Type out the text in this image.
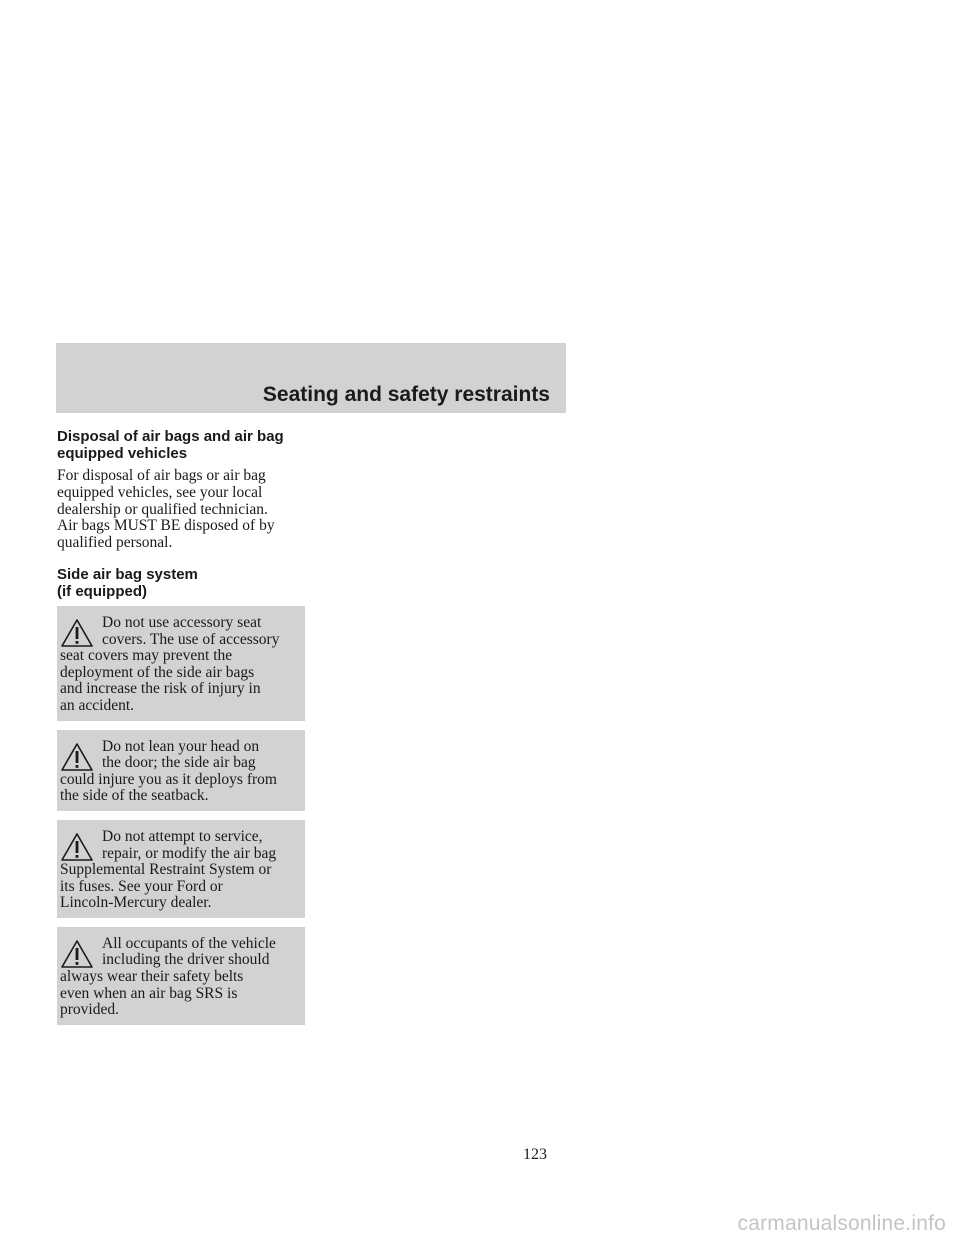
Seating and safety restraints
Disposal of air bags and air bag
equipped vehicles
For disposal of air bags or air bag
equipped vehicles, see your local
dealership or qualified technician.
Air bags MUST BE disposed of by
qualified personal.
Side air bag system
(if equipped)
Do not use accessory seat
covers. The use of accessory
seat covers may prevent the
deployment of the side air bags
and increase the risk of injury in
an accident.
Do not lean your head on
the door; the side air bag
could injure you as it deploys from
the side of the seatback.
Do not attempt to service,
repair, or modify the air bag
Supplemental Restraint System or
its fuses. See your Ford or
Lincoln-Mercury dealer.
All occupants of the vehicle
including the driver should
always wear their safety belts
even when an air bag SRS is
provided.
123
carmanualsonline.info
